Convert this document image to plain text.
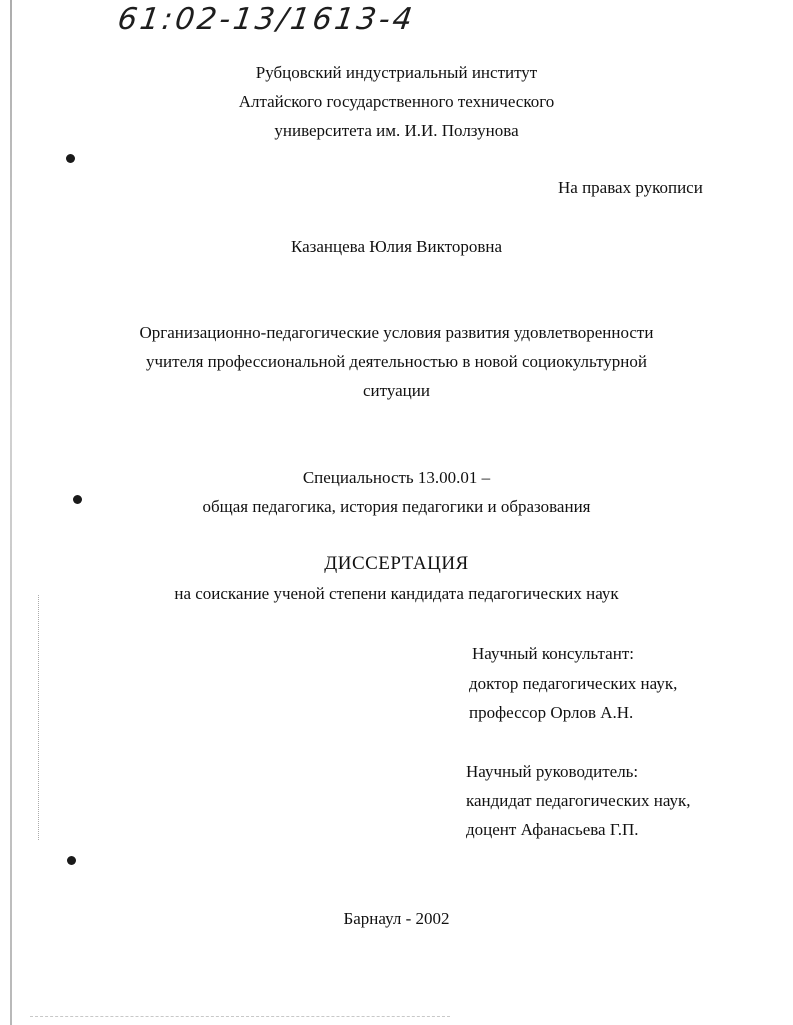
61:02-13/1613-4
Рубцовский индустриальный институт
Алтайского государственного технического
университета им. И.И. Ползунова
На правах рукописи
Казанцева Юлия Викторовна
Организационно-педагогические условия развития удовлетворенности
учителя профессиональной деятельностью в новой социокультурной
ситуации
Специальность 13.00.01 –
общая педагогика, история педагогики и образования
ДИССЕРТАЦИЯ
на соискание ученой степени кандидата педагогических наук
Научный консультант:
доктор педагогических наук,
профессор Орлов А.Н.
Научный руководитель:
кандидат педагогических наук,
доцент Афанасьева Г.П.
Барнаул - 2002
